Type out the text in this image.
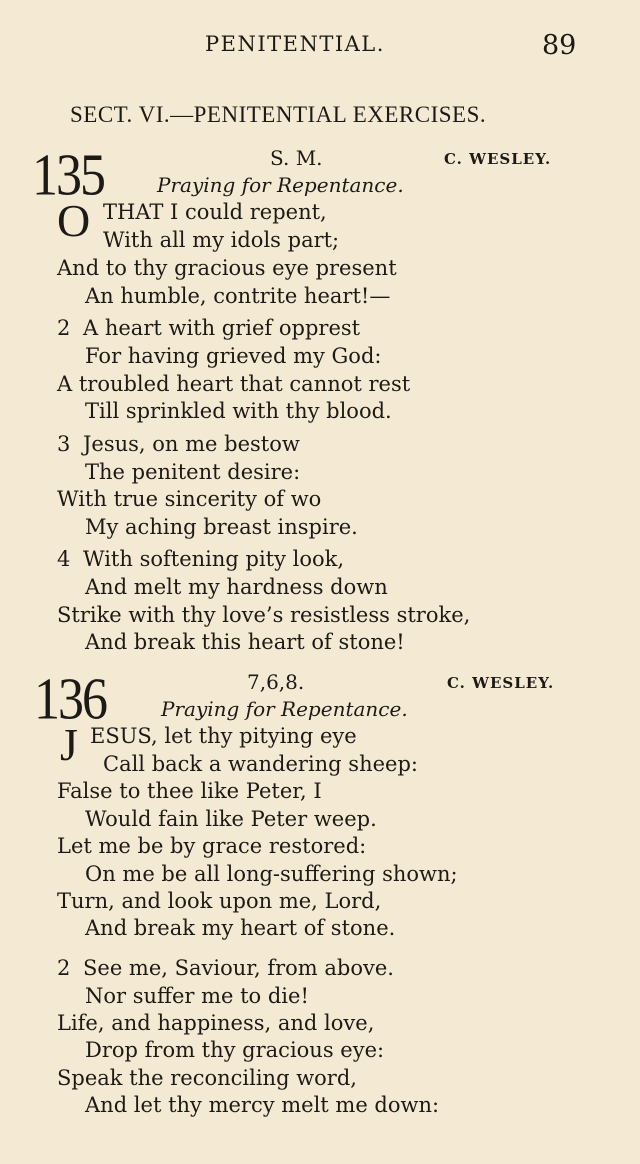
PENITENTIAL.	89
SECT. VI.—PENITENTIAL EXERCISES.
135	S. M.	C. WESLEY.
Praying for Repentance.
O THAT I could repent,
With all my idols part;
And to thy gracious eye present
An humble, contrite heart!—
2 A heart with grief opprest
For having grieved my God:
A troubled heart that cannot rest
Till sprinkled with thy blood.
3 Jesus, on me bestow
The penitent desire:
With true sincerity of wo
My aching breast inspire.
4 With softening pity look,
And melt my hardness down
Strike with thy love’s resistless stroke,
And break this heart of stone!
136	7,6,8.	C. WESLEY.
Praying for Repentance.
J ESUS, let thy pitying eye
Call back a wandering sheep:
False to thee like Peter, I
Would fain like Peter weep.
Let me be by grace restored:
On me be all long-suffering shown;
Turn, and look upon me, Lord,
And break my heart of stone.
2 See me, Saviour, from above.
Nor suffer me to die!
Life, and happiness, and love,
Drop from thy gracious eye:
Speak the reconciling word,
And let thy mercy melt me down:
